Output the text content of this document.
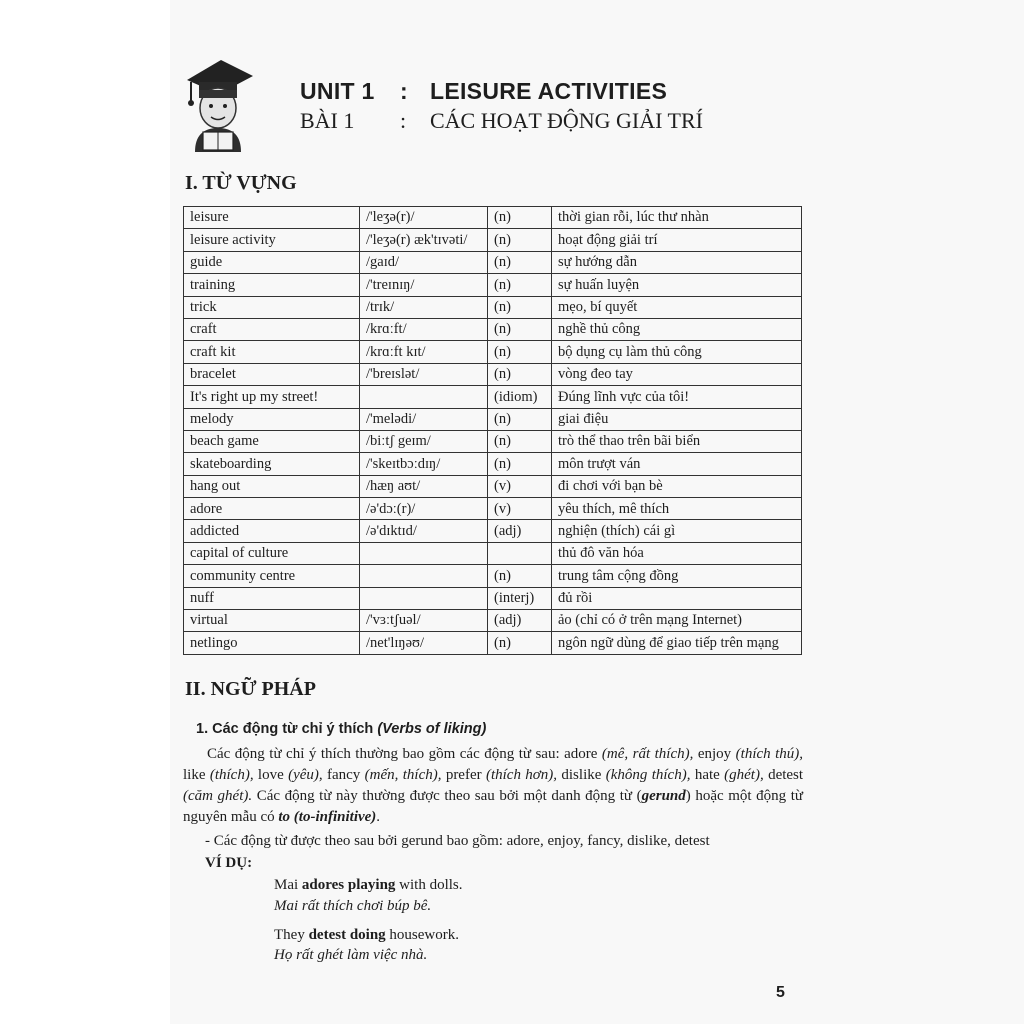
UNIT 1 : LEISURE ACTIVITIES
BÀI 1 : CÁC HOẠT ĐỘNG GIẢI TRÍ
I. TỪ VỰNG
leisure	/'leʒə(r)/	(n)	thời gian rỗi, lúc thư nhàn
leisure activity	/'leʒə(r) æk'tɪvəti/	(n)	hoạt động giải trí
guide	/gaɪd/	(n)	sự hướng dẫn
training	/'treɪnɪŋ/	(n)	sự huấn luyện
trick	/trɪk/	(n)	mẹo, bí quyết
craft	/krɑːft/	(n)	nghề thủ công
craft kit	/krɑːft kɪt/	(n)	bộ dụng cụ làm thủ công
bracelet	/'breɪslət/	(n)	vòng đeo tay
It's right up my street!		(idiom)	Đúng lĩnh vực của tôi!
melody	/'melədi/	(n)	giai điệu
beach game	/biːtʃ geɪm/	(n)	trò thể thao trên bãi biển
skateboarding	/'skeɪtbɔːdɪŋ/	(n)	môn trượt ván
hang out	/hæŋ aʊt/	(v)	đi chơi với bạn bè
adore	/ə'dɔː(r)/	(v)	yêu thích, mê thích
addicted	/ə'dɪktɪd/	(adj)	nghiện (thích) cái gì
capital of culture			thủ đô văn hóa
community centre		(n)	trung tâm cộng đồng
nuff		(interj)	đủ rồi
virtual	/'vɜːtʃuəl/	(adj)	ảo (chỉ có ở trên mạng Internet)
netlingo	/net'lɪŋəʊ/	(n)	ngôn ngữ dùng để giao tiếp trên mạng
II. NGỮ PHÁP
1. Các động từ chỉ ý thích (Verbs of liking)

Các động từ chỉ ý thích thường bao gồm các động từ sau: adore (mê, rất thích), enjoy (thích thú), like (thích), love (yêu), fancy (mến, thích), prefer (thích hơn), dislike (không thích), hate (ghét), detest (căm ghét). Các động từ này thường được theo sau bởi một danh động từ (gerund) hoặc một động từ nguyên mẫu có to (to-infinitive).

- Các động từ được theo sau bởi gerund bao gồm: adore, enjoy, fancy, dislike, detest
VÍ DỤ:
Mai adores playing with dolls.
Mai rất thích chơi búp bê.
They detest doing housework.
Họ rất ghét làm việc nhà.
5
